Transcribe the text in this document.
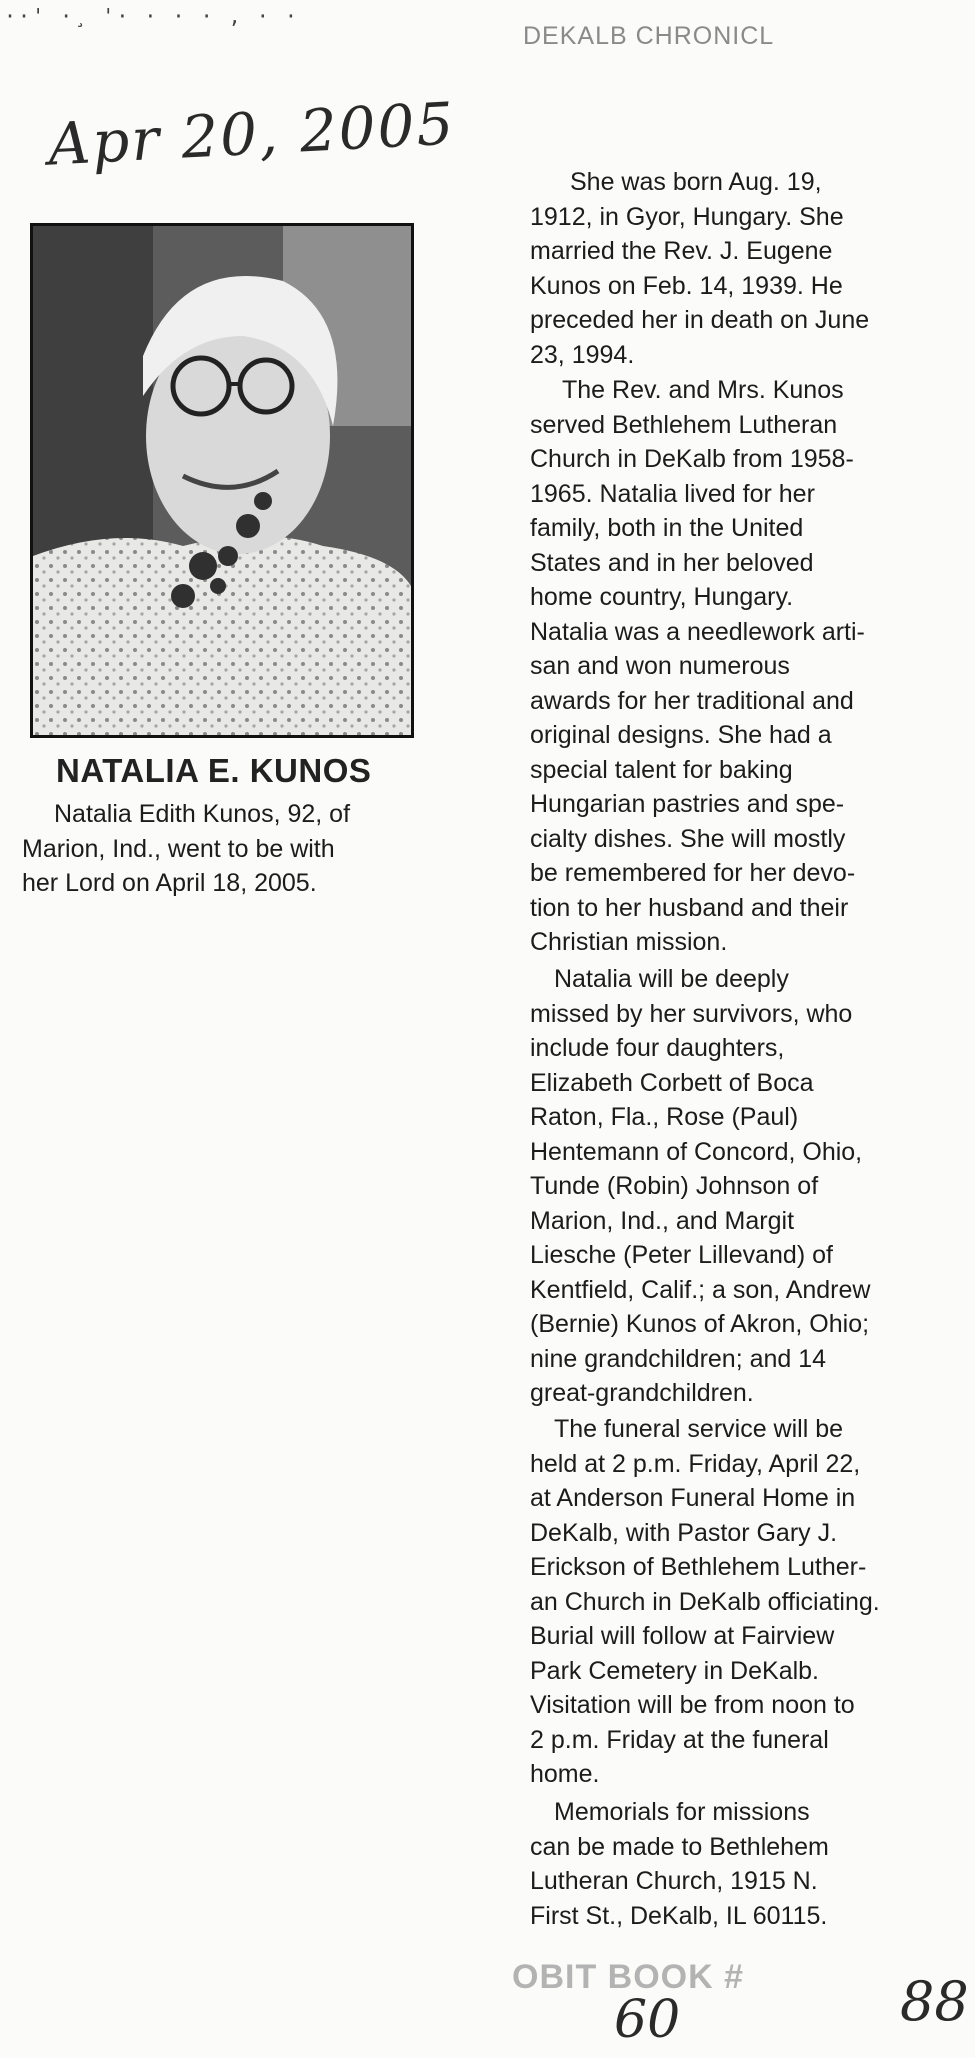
··' ·¸ '· · · · , · ·
DEKALB CHRONICL
Apr 20, 2005
NATALIA E. KUNOS
Natalia Edith Kunos, 92, of
Marion, Ind., went to be with
her Lord on April 18, 2005.
She was born Aug. 19,
1912, in Gyor, Hungary. She
married the Rev. J. Eugene
Kunos on Feb. 14, 1939. He
preceded her in death on June
23, 1994.
The Rev. and Mrs. Kunos
served Bethlehem Lutheran
Church in DeKalb from 1958-
1965. Natalia lived for her
family, both in the United
States and in her beloved
home country, Hungary.
Natalia was a needlework arti-
san and won numerous
awards for her traditional and
original designs. She had a
special talent for baking
Hungarian pastries and spe-
cialty dishes. She will mostly
be remembered for her devo-
tion to her husband and their
Christian mission.
Natalia will be deeply
missed by her survivors, who
include four daughters,
Elizabeth Corbett of Boca
Raton, Fla., Rose (Paul)
Hentemann of Concord, Ohio,
Tunde (Robin) Johnson of
Marion, Ind., and Margit
Liesche (Peter Lillevand) of
Kentfield, Calif.; a son, Andrew
(Bernie) Kunos of Akron, Ohio;
nine grandchildren; and 14
great-grandchildren.
The funeral service will be
held at 2 p.m. Friday, April 22,
at Anderson Funeral Home in
DeKalb, with Pastor Gary J.
Erickson of Bethlehem Luther-
an Church in DeKalb officiating.
Burial will follow at Fairview
Park Cemetery in DeKalb.
Visitation will be from noon to
2 p.m. Friday at the funeral
home.
Memorials for missions
can be made to Bethlehem
Lutheran Church, 1915 N.
First St., DeKalb, IL 60115.
OBIT BOOK #
60	88
